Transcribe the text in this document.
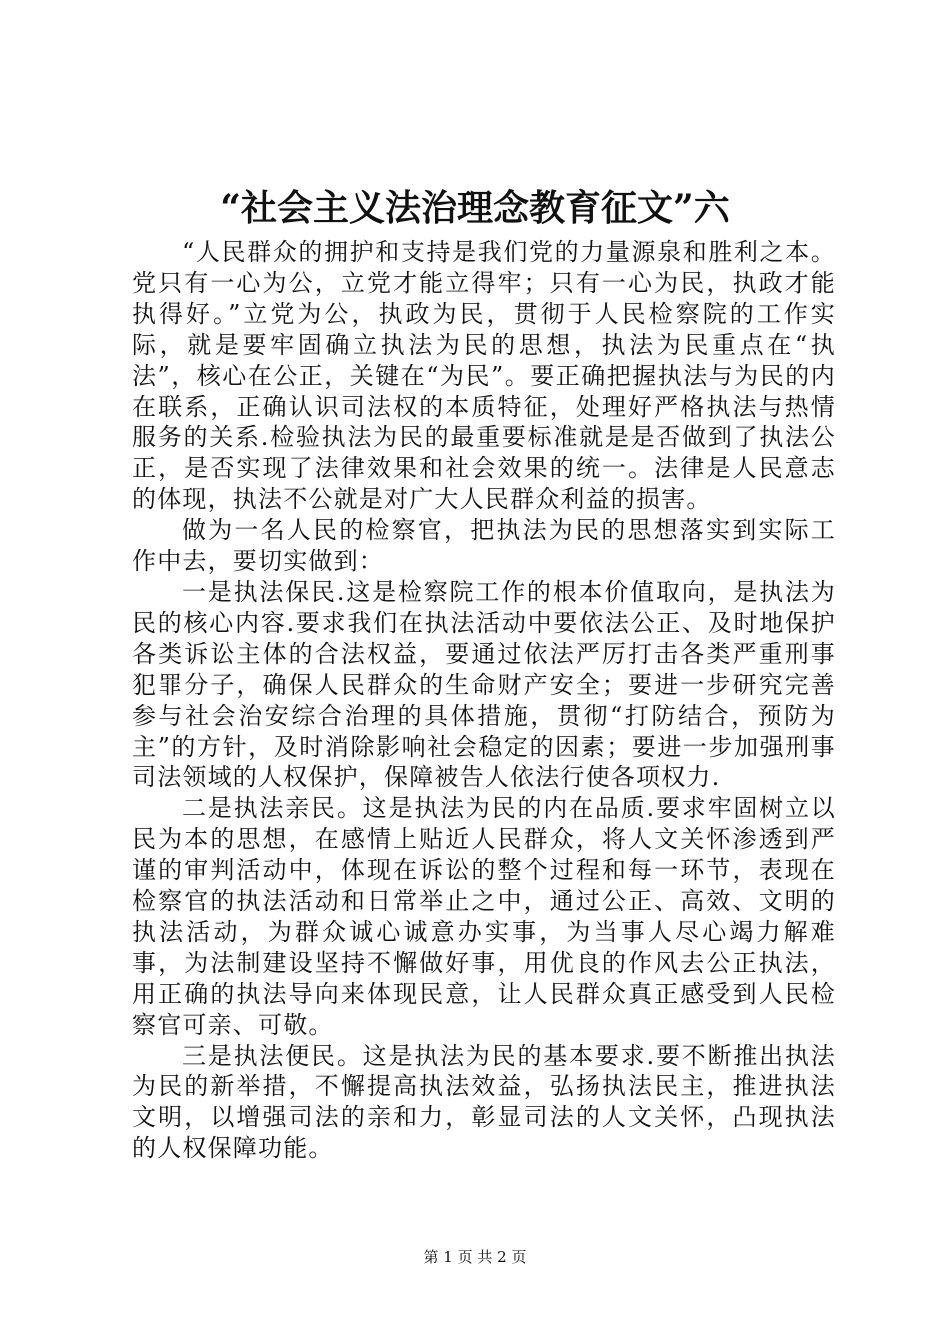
“社会主义法治理念教育征文”六

“人民群众的拥护和支持是我们党的力量源泉和胜利之本。党只有一心为公，立党才能立得牢；只有一心为民，执政才能执得好。”立党为公，执政为民，贯彻于人民检察院的工作实际，就是要牢固确立执法为民的思想，执法为民重点在“执法”，核心在公正，关键在“为民”。要正确把握执法与为民的内在联系，正确认识司法权的本质特征，处理好严格执法与热情服务的关系.检验执法为民的最重要标准就是是否做到了执法公正，是否实现了法律效果和社会效果的统一。法律是人民意志的体现，执法不公就是对广大人民群众利益的损害。

做为一名人民的检察官，把执法为民的思想落实到实际工作中去，要切实做到：

一是执法保民.这是检察院工作的根本价值取向，是执法为民的核心内容.要求我们在执法活动中要依法公正、及时地保护各类诉讼主体的合法权益，要通过依法严厉打击各类严重刑事犯罪分子，确保人民群众的生命财产安全；要进一步研究完善参与社会治安综合治理的具体措施，贯彻“打防结合，预防为主”的方针，及时消除影响社会稳定的因素；要进一步加强刑事司法领域的人权保护，保障被告人依法行使各项权力.

二是执法亲民。这是执法为民的内在品质.要求牢固树立以民为本的思想，在感情上贴近人民群众，将人文关怀渗透到严谨的审判活动中，体现在诉讼的整个过程和每一环节，表现在检察官的执法活动和日常举止之中，通过公正、高效、文明的执法活动，为群众诚心诚意办实事，为当事人尽心竭力解难事，为法制建设坚持不懈做好事，用优良的作风去公正执法，用正确的执法导向来体现民意，让人民群众真正感受到人民检察官可亲、可敬。

三是执法便民。这是执法为民的基本要求.要不断推出执法为民的新举措，不懈提高执法效益，弘扬执法民主，推进执法文明，以增强司法的亲和力，彰显司法的人文关怀，凸现执法的人权保障功能。

第 1 页 共 2 页
